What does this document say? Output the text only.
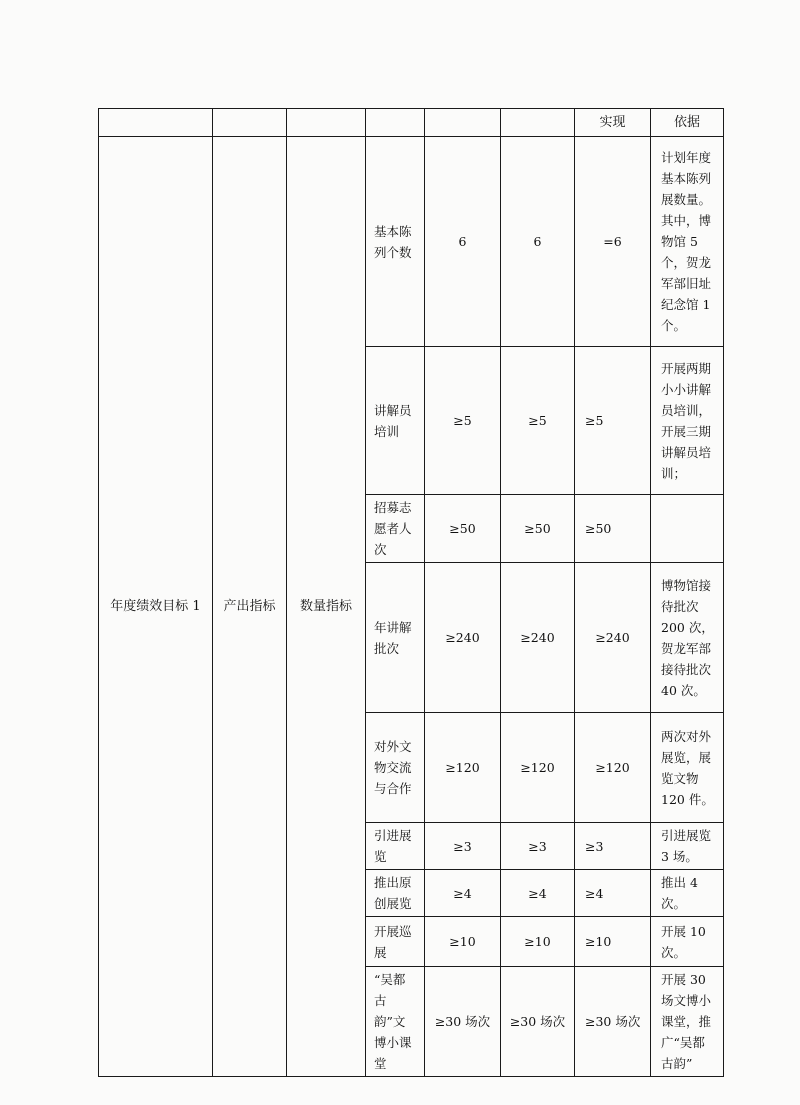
						实现	依据
年度绩效目标 1	产出指标	数量指标	基本陈列个数	6	6	=6	计划年度基本陈列展数量。其中，博物馆 5 个，贺龙军部旧址纪念馆 1 个。
			讲解员培训	≥5	≥5	≥5	开展两期小小讲解员培训，开展三期讲解员培训；
			招募志愿者人次	≥50	≥50	≥50	
			年讲解批次	≥240	≥240	≥240	博物馆接待批次 200 次，贺龙军部接待批次 40 次。
			对外文物交流与合作	≥120	≥120	≥120	两次对外展览，展览文物 120 件。
			引进展览	≥3	≥3	≥3	引进展览 3 场。
			推出原创展览	≥4	≥4	≥4	推出 4 次。
			开展巡展	≥10	≥10	≥10	开展 10 次。
			“吴都古韵”文博小课堂	≥30 场次	≥30 场次	≥30 场次	开展 30 场文博小课堂，推广“吴都古韵”
